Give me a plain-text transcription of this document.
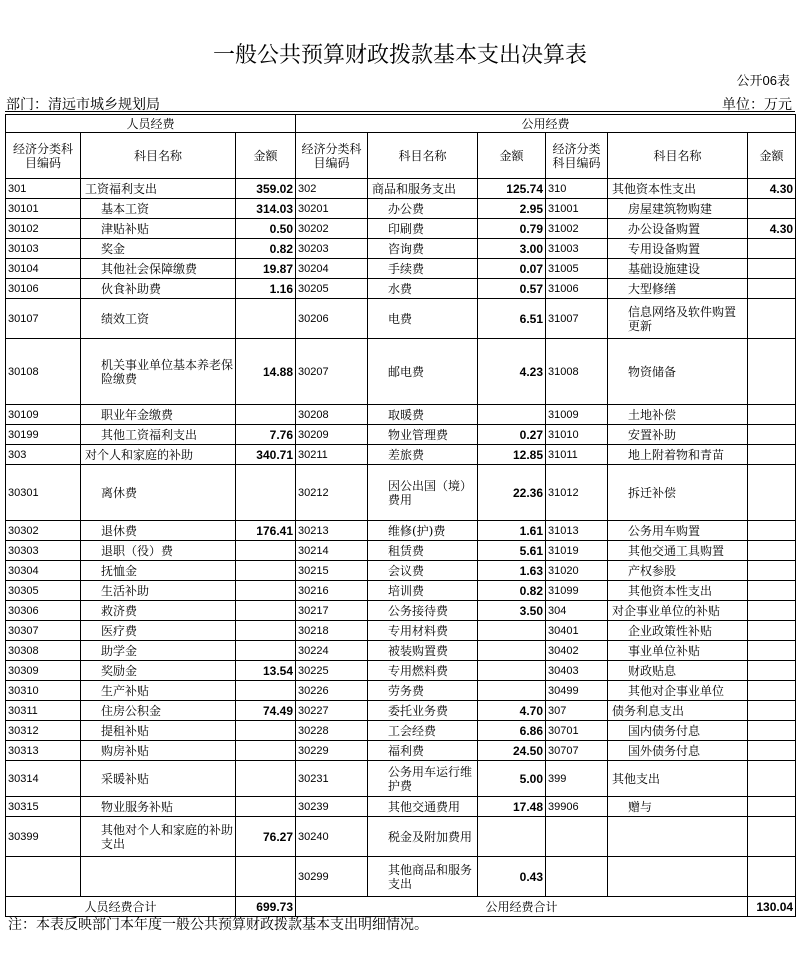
一般公共预算财政拨款基本支出决算表
公开06表
部门：清远市城乡规划局	单位：万元
人员经费			公用经费					
经济分类科目编码	科目名称	金额	经济分类科目编码	科目名称	金额	经济分类科目编码	科目名称	金额
301	工资福利支出	359.02	302	商品和服务支出	125.74	310	其他资本性支出	4.30
30101	基本工资	314.03	30201	办公费	2.95	31001	房屋建筑物购建	
30102	津贴补贴	0.50	30202	印刷费	0.79	31002	办公设备购置	4.30
30103	奖金	0.82	30203	咨询费	3.00	31003	专用设备购置	
30104	其他社会保障缴费	19.87	30204	手续费	0.07	31005	基础设施建设	
30106	伙食补助费	1.16	30205	水费	0.57	31006	大型修缮	
30107	绩效工资		30206	电费	6.51	31007	信息网络及软件购置更新	
30108	机关事业单位基本养老保险缴费	14.88	30207	邮电费	4.23	31008	物资储备	
30109	职业年金缴费		30208	取暖费		31009	土地补偿	
30199	其他工资福利支出	7.76	30209	物业管理费	0.27	31010	安置补助	
303	对个人和家庭的补助	340.71	30211	差旅费	12.85	31011	地上附着物和青苗	
30301	离休费		30212	因公出国（境）费用	22.36	31012	拆迁补偿	
30302	退休费	176.41	30213	维修(护)费	1.61	31013	公务用车购置	
30303	退职（役）费		30214	租赁费	5.61	31019	其他交通工具购置	
30304	抚恤金		30215	会议费	1.63	31020	产权参股	
30305	生活补助		30216	培训费	0.82	31099	其他资本性支出	
30306	救济费		30217	公务接待费	3.50	304	对企事业单位的补贴	
30307	医疗费		30218	专用材料费		30401	企业政策性补贴	
30308	助学金		30224	被装购置费		30402	事业单位补贴	
30309	奖励金	13.54	30225	专用燃料费		30403	财政贴息	
30310	生产补贴		30226	劳务费		30499	其他对企事业单位	
30311	住房公积金	74.49	30227	委托业务费	4.70	307	债务利息支出	
30312	提租补贴		30228	工会经费	6.86	30701	国内债务付息	
30313	购房补贴		30229	福利费	24.50	30707	国外债务付息	
30314	采暖补贴		30231	公务用车运行维护费	5.00	399	其他支出	
30315	物业服务补贴		30239	其他交通费用	17.48	39906	赠与	
30399	其他对个人和家庭的补助支出	76.27	30240	税金及附加费用				
			30299	其他商品和服务支出	0.43			
人员经费合计		699.73	公用经费合计					130.04
注：本表反映部门本年度一般公共预算财政拨款基本支出明细情况。
